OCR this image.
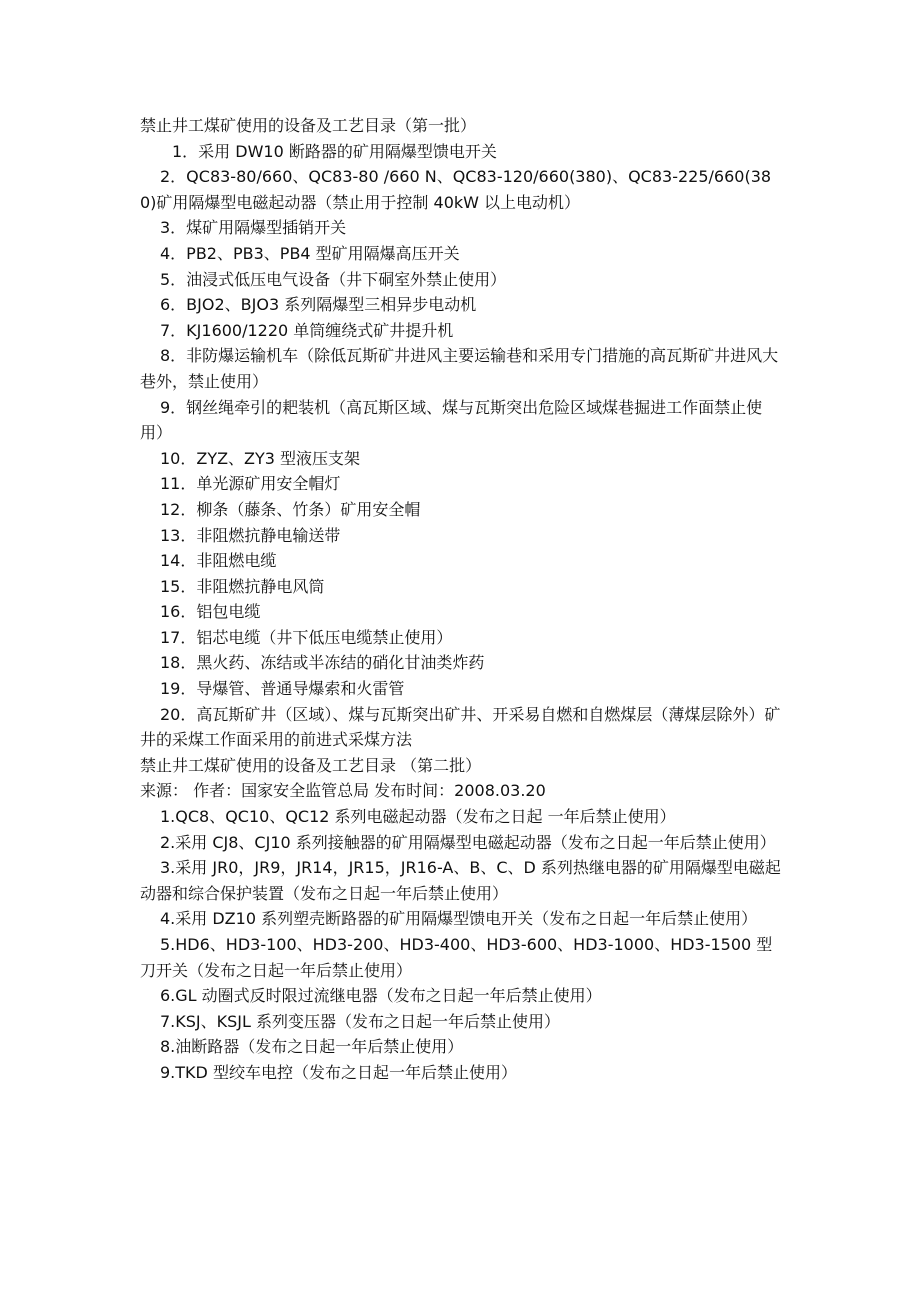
禁止井工煤矿使用的设备及工艺目录（第一批）

1．采用 DW10 断路器的矿用隔爆型馈电开关

2．QC83-80/660、QC83-80 /660 N、QC83-120/660(380)、QC83-225/660(380)矿用隔爆型电磁起动器（禁止用于控制 40kW 以上电动机）

3．煤矿用隔爆型插销开关

4．PB2、PB3、PB4 型矿用隔爆高压开关

5．油浸式低压电气设备（井下硐室外禁止使用）

6．BJO2、BJO3 系列隔爆型三相异步电动机

7．KJ1600/1220 单筒缠绕式矿井提升机

8．非防爆运输机车（除低瓦斯矿井进风主要运输巷和采用专门措施的高瓦斯矿井进风大巷外，禁止使用）

9．钢丝绳牵引的耙装机（高瓦斯区域、煤与瓦斯突出危险区域煤巷掘进工作面禁止使用）

10．ZYZ、ZY3 型液压支架

11．单光源矿用安全帽灯

12．柳条（藤条、竹条）矿用安全帽

13．非阻燃抗静电输送带

14．非阻燃电缆

15．非阻燃抗静电风筒

16．铝包电缆

17．铝芯电缆（井下低压电缆禁止使用）

18．黑火药、冻结或半冻结的硝化甘油类炸药

19．导爆管、普通导爆索和火雷管

20．高瓦斯矿井（区域）、煤与瓦斯突出矿井、开采易自燃和自燃煤层（薄煤层除外）矿井的采煤工作面采用的前进式采煤方法

禁止井工煤矿使用的设备及工艺目录 （第二批）

来源： 作者：国家安全监管总局 发布时间：2008.03.20

1.QC8、QC10、QC12 系列电磁起动器（发布之日起 一年后禁止使用）

2.采用 CJ8、CJ10 系列接触器的矿用隔爆型电磁起动器（发布之日起一年后禁止使用）

3.采用 JR0，JR9，JR14，JR15，JR16-A、B、C、D 系列热继电器的矿用隔爆型电磁起动器和综合保护装置（发布之日起一年后禁止使用）

4.采用 DZ10 系列塑壳断路器的矿用隔爆型馈电开关（发布之日起一年后禁止使用）

5.HD6、HD3-100、HD3-200、HD3-400、HD3-600、HD3-1000、HD3-1500 型刀开关（发布之日起一年后禁止使用）

6.GL 动圈式反时限过流继电器（发布之日起一年后禁止使用）

7.KSJ、KSJL 系列变压器（发布之日起一年后禁止使用）

8.油断路器（发布之日起一年后禁止使用）

9.TKD 型绞车电控（发布之日起一年后禁止使用）
